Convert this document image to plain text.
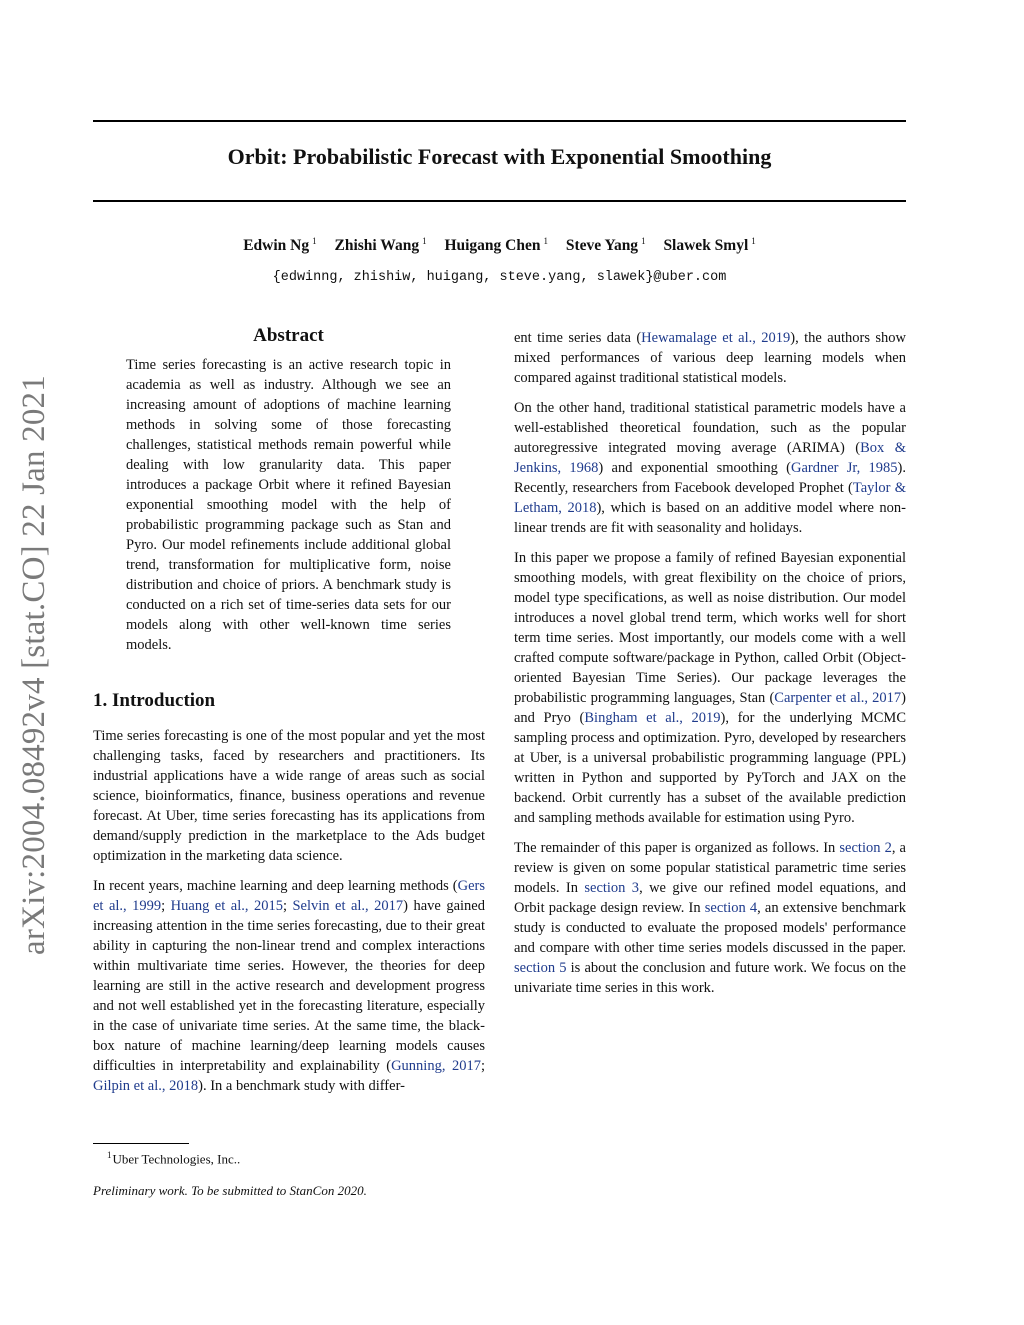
Orbit: Probabilistic Forecast with Exponential Smoothing
Edwin Ng $^1$ Zhishi Wang $^1$ Huigang Chen $^1$ Steve Yang $^1$ Slawek Smyl $^1$
{edwinng, zhishiw, huigang, steve.yang, slawek}@uber.com
arXiv:2004.08492v4 [stat.CO] 22 Jan 2021
Abstract

Time series forecasting is an active research topic in academia as well as industry. Although we see an increasing amount of adoptions of machine learning methods in solving some of those forecasting challenges, statistical methods remain powerful while dealing with low granularity data. This paper introduces a package Orbit where it refined Bayesian exponential smoothing model with the help of probabilistic programming package such as Stan and Pyro. Our model refinements include additional global trend, transformation for multiplicative form, noise distribution and choice of priors. A benchmark study is conducted on a rich set of time-series data sets for our models along with other well-known time series models.

1. Introduction

Time series forecasting is one of the most popular and yet the most challenging tasks, faced by researchers and practitioners. Its industrial applications have a wide range of areas such as social science, bioinformatics, finance, business operations and revenue forecast. At Uber, time series forecasting has its applications from demand/supply prediction in the marketplace to the Ads budget optimization in the marketing data science.

In recent years, machine learning and deep learning methods (Gers et al., 1999; Huang et al., 2015; Selvin et al., 2017) have gained increasing attention in the time series forecasting, due to their great ability in capturing the non-linear trend and complex interactions within multivariate time series. However, the theories for deep learning are still in the active research and development progress and not well established yet in the forecasting literature, especially in the case of univariate time series. At the same time, the black-box nature of machine learning/deep learning models causes difficulties in interpretability and explainability (Gunning, 2017; Gilpin et al., 2018). In a benchmark study with differ-

ent time series data (Hewamalage et al., 2019), the authors show mixed performances of various deep learning models when compared against traditional statistical models.

On the other hand, traditional statistical parametric models have a well-established theoretical foundation, such as the popular autoregressive integrated moving average (ARIMA) (Box & Jenkins, 1968) and exponential smoothing (Gardner Jr, 1985). Recently, researchers from Facebook developed Prophet (Taylor & Letham, 2018), which is based on an additive model where non-linear trends are fit with seasonality and holidays.

In this paper we propose a family of refined Bayesian exponential smoothing models, with great flexibility on the choice of priors, model type specifications, as well as noise distribution. Our model introduces a novel global trend term, which works well for short term time series. Most importantly, our models come with a well crafted compute software/package in Python, called Orbit (Object-oriented Bayesian Time Series). Our package leverages the probabilistic programming languages, Stan (Carpenter et al., 2017) and Pryo (Bingham et al., 2019), for the underlying MCMC sampling process and optimization. Pyro, developed by researchers at Uber, is a universal probabilistic programming language (PPL) written in Python and supported by PyTorch and JAX on the backend. Orbit currently has a subset of the available prediction and sampling methods available for estimation using Pyro.

The remainder of this paper is organized as follows. In section 2, a review is given on some popular statistical parametric time series models. In section 3, we give our refined model equations, and Orbit package design review. In section 4, an extensive benchmark study is conducted to evaluate the proposed models' performance and compare with other time series models discussed in the paper. section 5 is about the conclusion and future work. We focus on the univariate time series in this work.

$^1$Uber Technologies, Inc..
Preliminary work. To be submitted to StanCon 2020.
